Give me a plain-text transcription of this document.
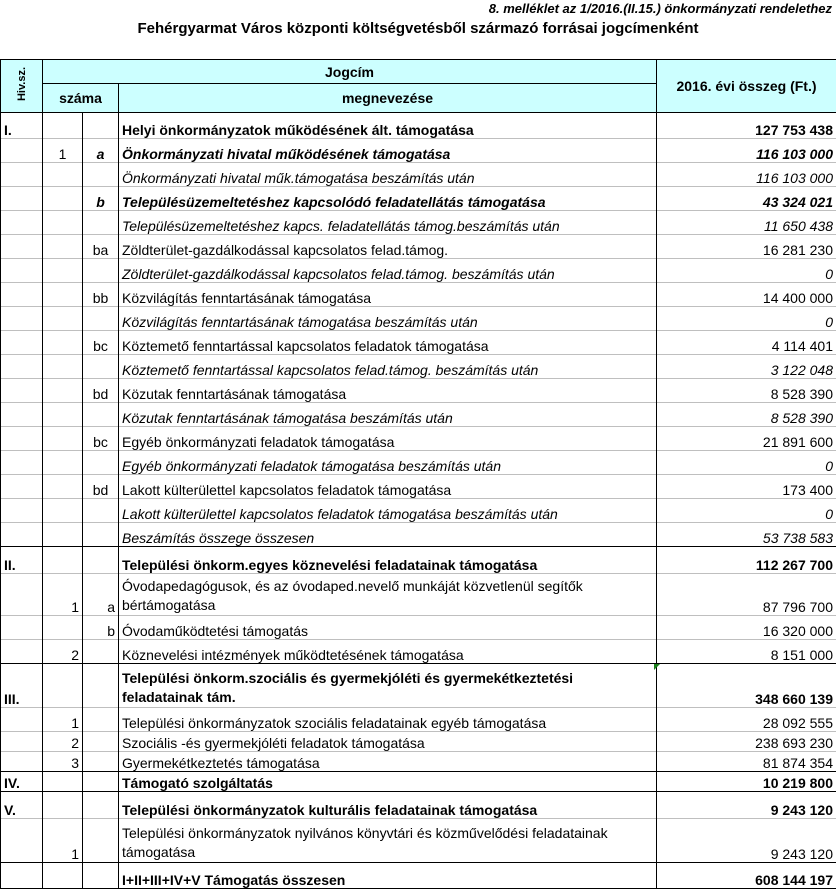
8. melléklet az 1/2016.(II.15.) önkormányzati rendelethez
Fehérgyarmat Város központi költségvetésből származó forrásai jogcímenként
Hiv.sz.	Jogcím			2016. évi összeg (Ft.)
	száma		megnevezése	
I.			Helyi önkormányzatok működésének ált. támogatása	127 753 438
	1	a	Önkormányzati hivatal működésének támogatása	116 103 000
			Önkormányzati hivatal műk.támogatása beszámítás után	116 103 000
		b	Településüzemeltetéshez kapcsolódó feladatellátás támogatása	43 324 021
			Településüzemeltetéshez kapcs. feladatellátás támog.beszámítás után	11 650 438
		ba	Zöldterület-gazdálkodással kapcsolatos felad.támog.	16 281 230
			Zöldterület-gazdálkodással kapcsolatos felad.támog. beszámítás után	0
		bb	Közvilágítás fenntartásának támogatása	14 400 000
			Közvilágítás fenntartásának támogatása beszámítás után	0
		bc	Köztemető fenntartással kapcsolatos feladatok támogatása	4 114 401
			Köztemető fenntartással kapcsolatos felad.támog. beszámítás után	3 122 048
		bd	Közutak fenntartásának támogatása	8 528 390
			Közutak fenntartásának támogatása beszámítás után	8 528 390
		bc	Egyéb önkormányzati feladatok támogatása	21 891 600
			Egyéb önkormányzati feladatok támogatása beszámítás után	0
		bd	Lakott külterülettel kapcsolatos feladatok támogatása	173 400
			Lakott külterülettel kapcsolatos feladatok támogatása beszámítás után	0
			Beszámítás összege összesen	53 738 583
II.			Települési önkorm.egyes köznevelési feladatainak támogatása	112 267 700
	1	a	Óvodapedagógusok, és az óvodaped.nevelő munkáját közvetlenül segítők bértámogatása	87 796 700
		b	Óvodaműködtetési támogatás	16 320 000
	2		Köznevelési intézmények működtetésének támogatása	8 151 000
III.			Települési önkorm.szociális és gyermekjóléti és gyermekétkeztetési feladatainak tám.	348 660 139
	1		Települési önkormányzatok szociális feladatainak egyéb támogatása	28 092 555
	2		Szociális -és gyermekjóléti feladatok támogatása	238 693 230
	3		Gyermekétkeztetés támogatása	81 874 354
IV.			Támogató szolgáltatás	10 219 800
V.			Települési önkormányzatok kulturális feladatainak támogatása	9 243 120
	1		Települési önkormányzatok nyilvános könyvtári és közművelődési feladatainak támogatása	9 243 120
			I+II+III+IV+V Támogatás összesen	608 144 197
